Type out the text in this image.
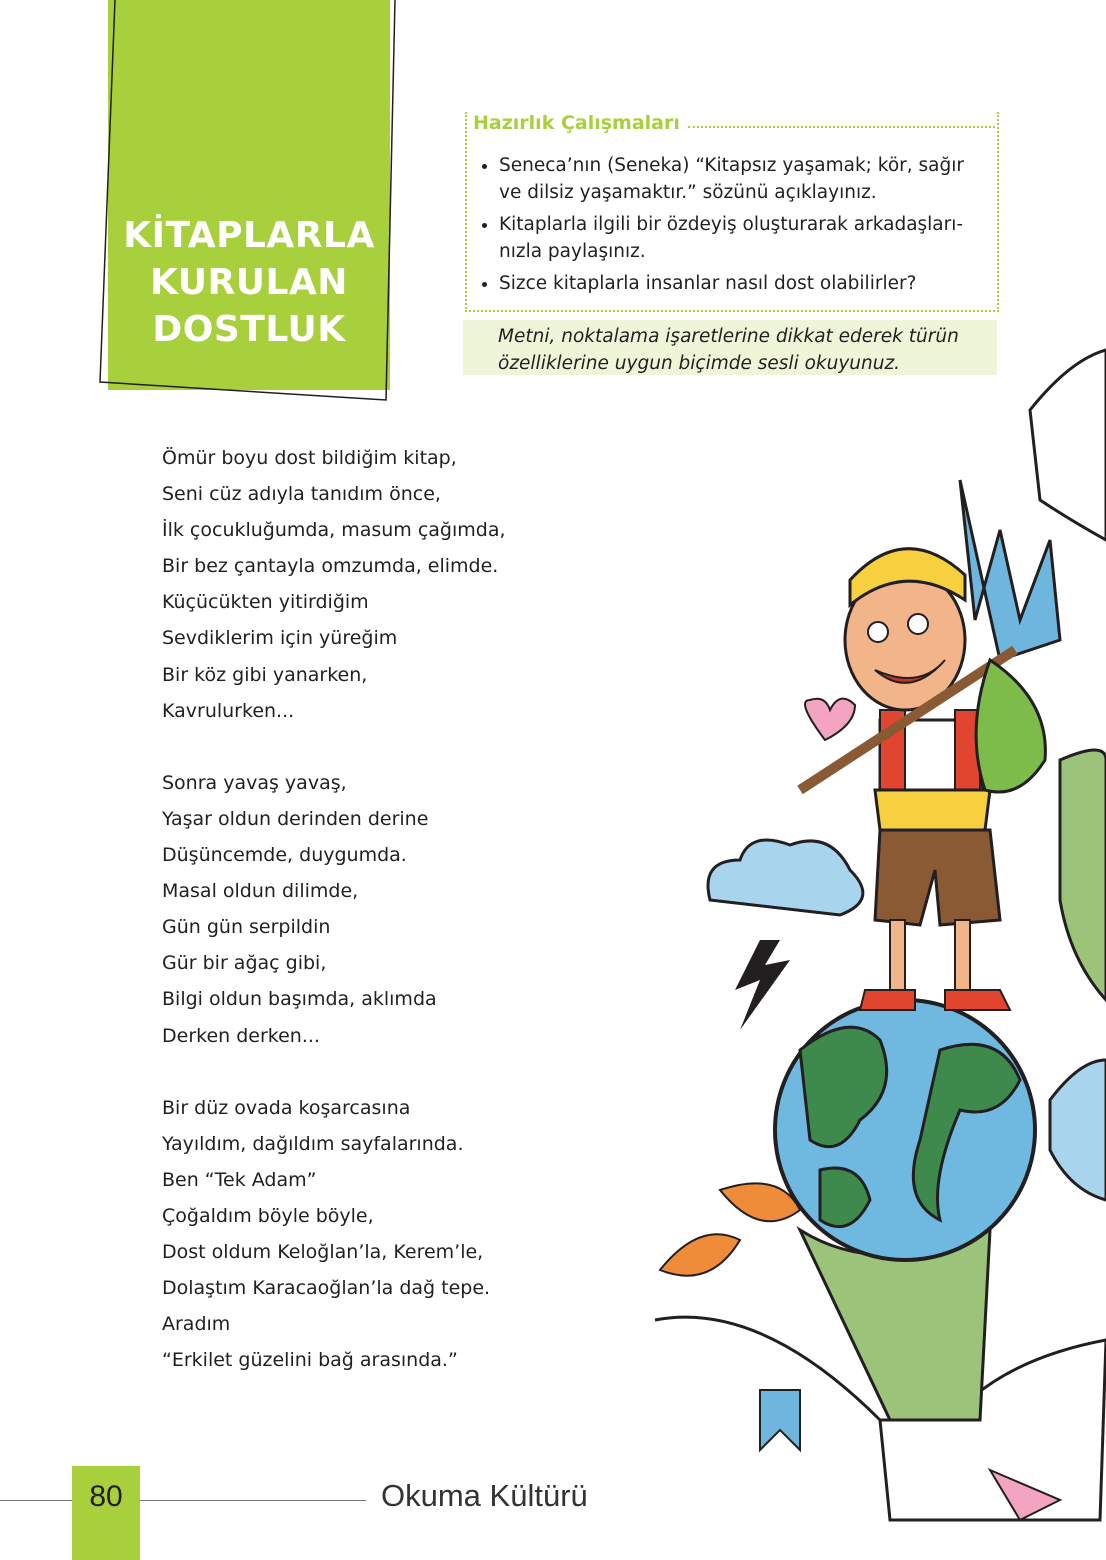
KİTAPLARLA
KURULAN
DOSTLUK
• Seneca’nın (Seneka) “Kitapsız yaşamak; kör, sağır ve dilsiz yaşamaktır.” sözünü açıklayınız.
• Kitaplarla ilgili bir özdeyiş oluşturarak arkadaşları-nızla paylaşınız.
• Sizce kitaplarla insanlar nasıl dost olabilirler?
Hazırlık Çalışmaları

Metni, noktalama işaretlerine dikkat ederek türün özelliklerine uygun biçimde sesli okuyunuz.

Ömür boyu dost bildiğim kitap,
Seni cüz adıyla tanıdım önce,
İlk çocukluğumda, masum çağımda,
Bir bez çantayla omzumda, elimde.
Küçücükten yitirdiğim
Sevdiklerim için yüreğim
Bir köz gibi yanarken,
Kavrulurken...
Sonra yavaş yavaş,
Yaşar oldun derinden derine
Düşüncemde, duygumda.
Masal oldun dilimde,
Gün gün serpildin
Gür bir ağaç gibi,
Bilgi oldun başımda, aklımda
Derken derken...
Bir düz ovada koşarcasına
Yayıldım, dağıldım sayfalarında.
Ben “Tek Adam”
Çoğaldım böyle böyle,
Dost oldum Keloğlan’la, Kerem’le,
Dolaştım Karacaoğlan’la dağ tepe.
Aradım
“Erkilet güzelini bağ arasında.”
80	Okuma Kültürü
